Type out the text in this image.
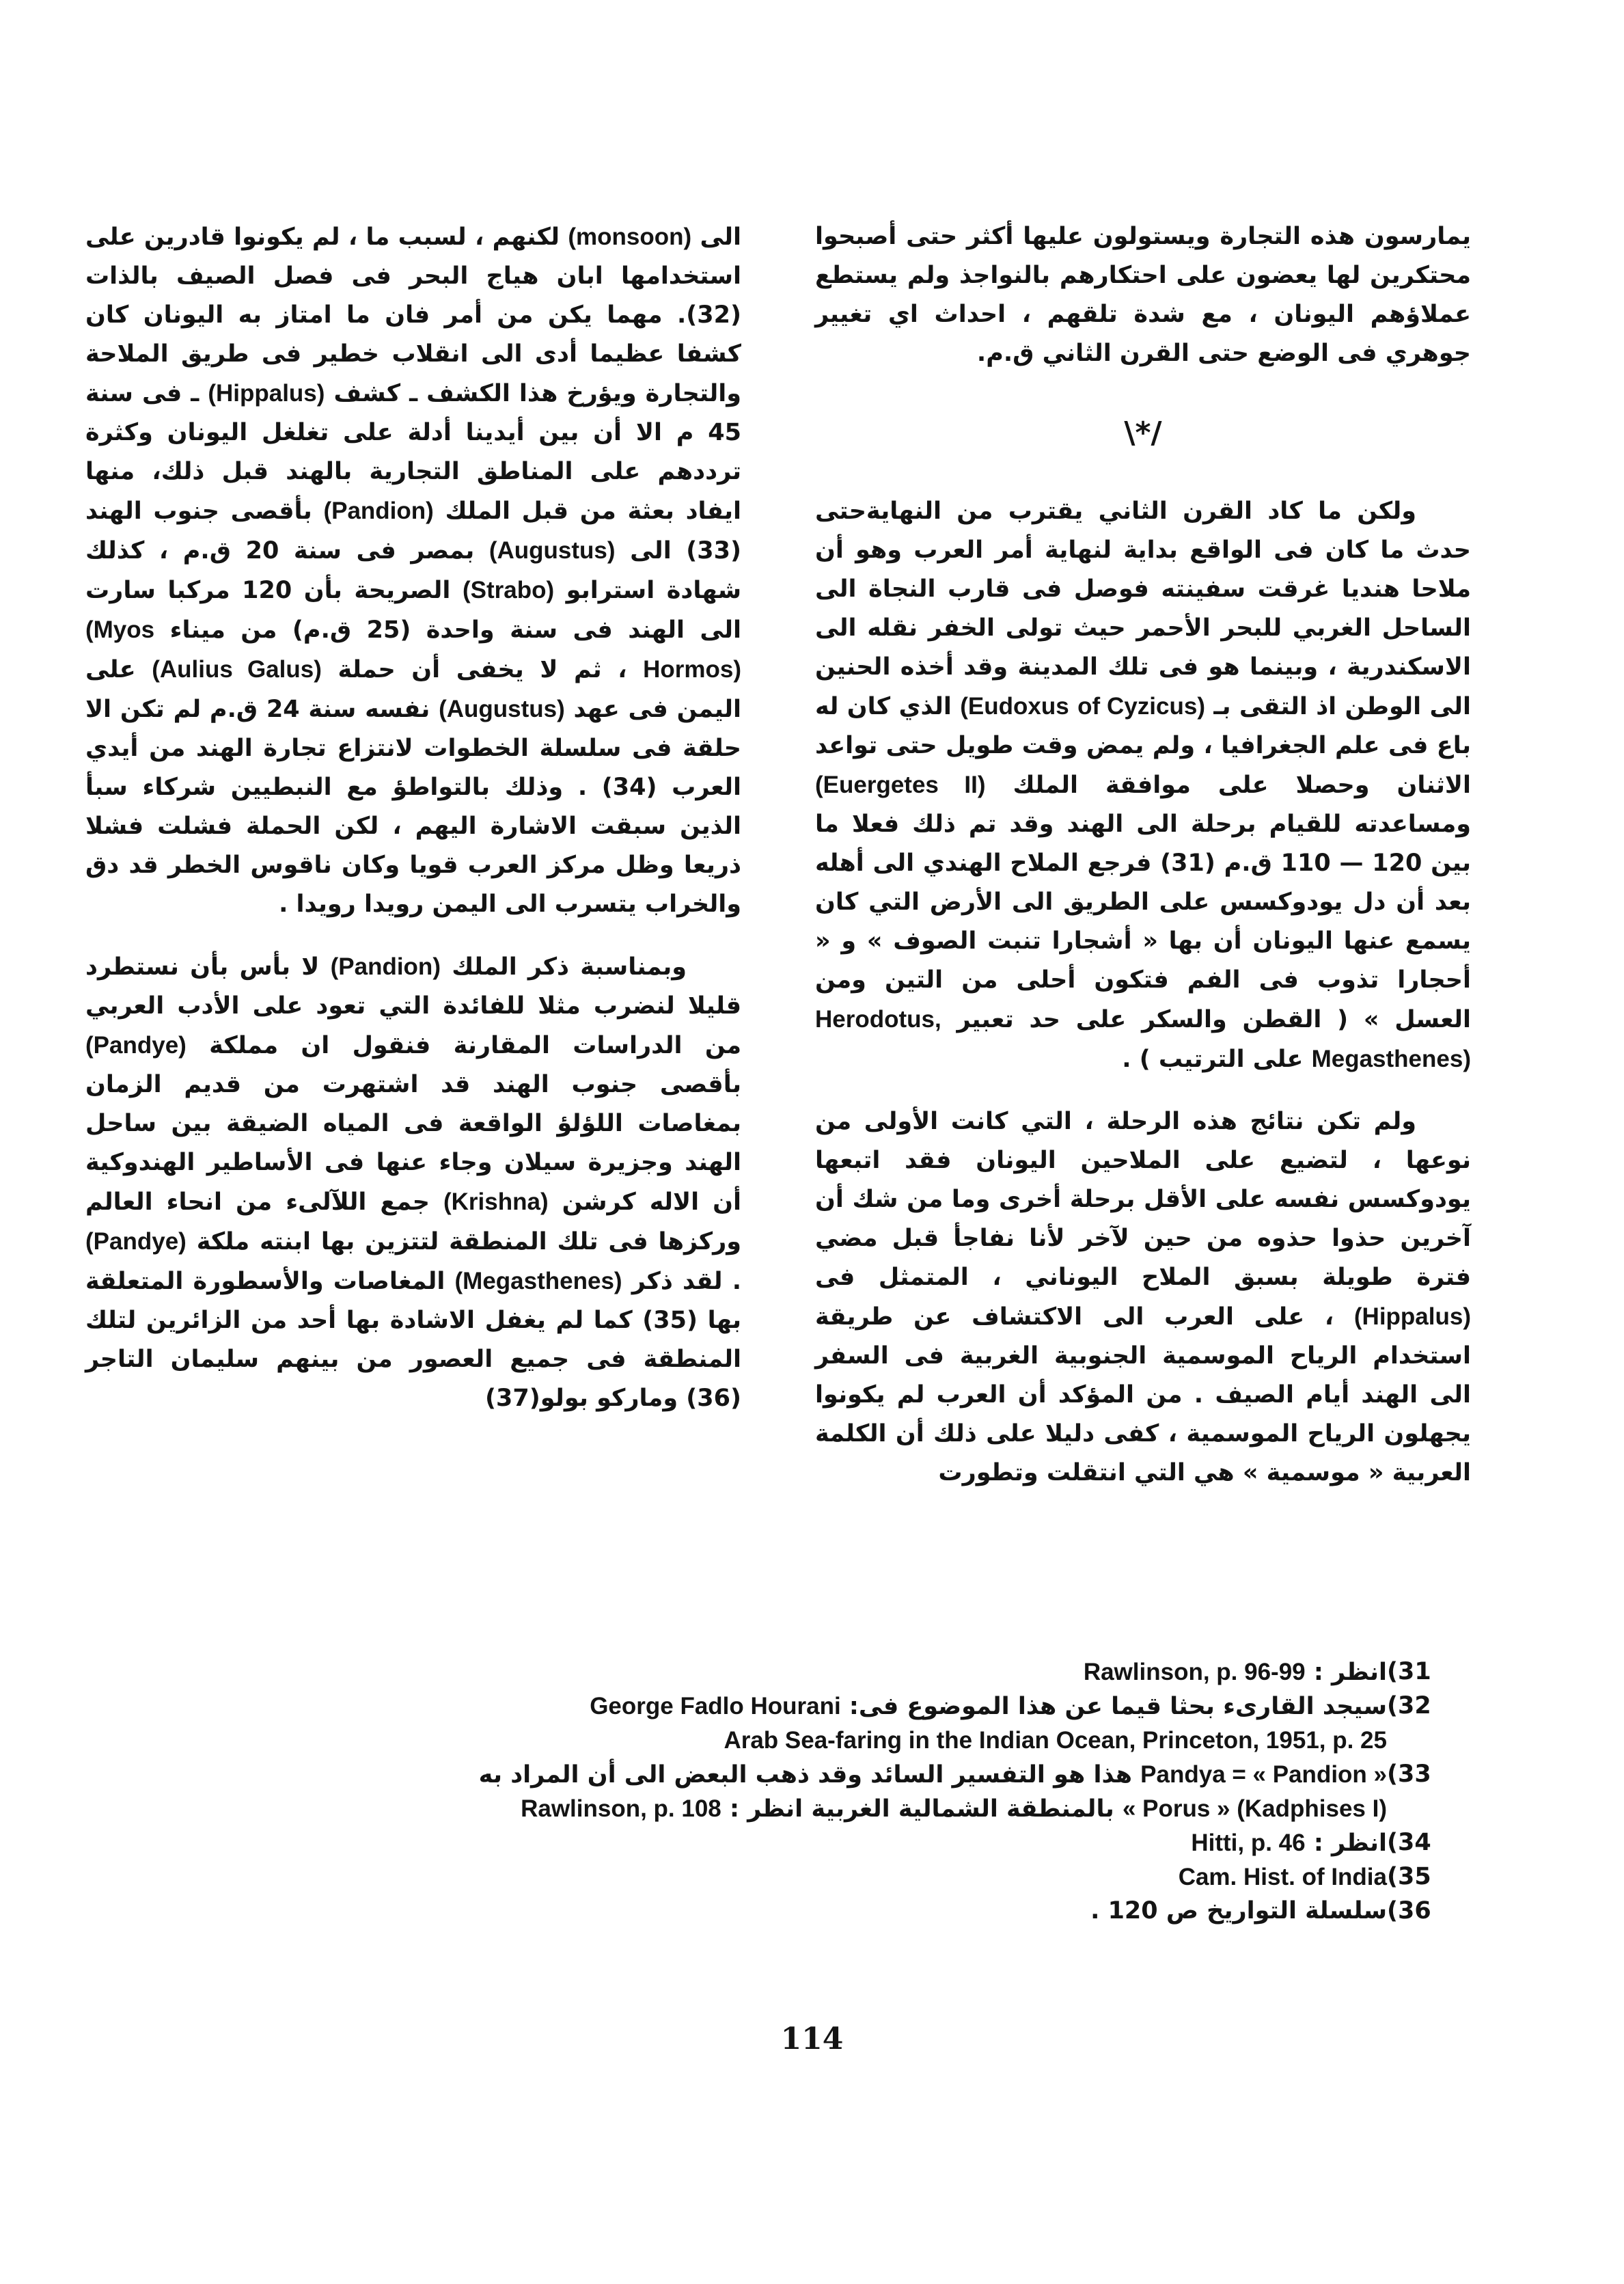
يمارسون هذه التجارة ويستولون عليها أكثر حتى أصبحوا محتكرين لها يعضون على احتكارهم بالنواجذ ولم يستطع عملاؤهم اليونان ، مع شدة تلقهم ، احداث اي تغيير جوهري فى الوضع حتى القرن الثاني ق.م.

\*/

ولكن ما كاد القرن الثاني يقترب من النهايةحتى حدث ما كان فى الواقع بداية لنهاية أمر العرب وهو أن ملاحا هنديا غرقت سفينته فوصل فى قارب النجاة الى الساحل الغربي للبحر الأحمر حيث تولى الخفر نقله الى الاسكندرية ، وبينما هو فى تلك المدينة وقد أخذه الحنين الى الوطن اذ التقى بـ (Eudoxus of Cyzicus) الذي كان له باع فى علم الجغرافيا ، ولم يمض وقت طويل حتى تواعد الاثنان وحصلا على موافقة الملك (Euergetes II) ومساعدته للقيام برحلة الى الهند وقد تم ذلك فعلا ما بين 120 — 110 ق.م (31) فرجع الملاح الهندي الى أهله بعد أن دل يودوكسس على الطريق الى الأرض التي كان يسمع عنها اليونان أن بها « أشجارا تنبت الصوف » و « أحجارا تذوب فى الفم فتكون أحلى من التين ومن العسل » ( القطن والسكر على حد تعبير Herodotus, Megasthenes) على الترتيب ) .

ولم تكن نتائج هذه الرحلة ، التي كانت الأولى من نوعها ، لتضيع على الملاحين اليونان فقد اتبعها يودوكسس نفسه على الأقل برحلة أخرى وما من شك أن آخرين حذوا حذوه من حين لآخر لأنا نفاجأ قبل مضي فترة طويلة بسبق الملاح اليوناني ، المتمثل فى (Hippalus) ، على العرب الى الاكتشاف عن طريقة استخدام الرياح الموسمية الجنوبية الغربية فى السفر الى الهند أيام الصيف . من المؤكد أن العرب لم يكونوا يجهلون الرياح الموسمية ، كفى دليلا على ذلك أن الكلمة العربية « موسمية » هي التي انتقلت وتطورت

الى (monsoon) لكنهم ، لسبب ما ، لم يكونوا قادرين على استخدامها ابان هياج البحر فى فصل الصيف بالذات (32). مهما يكن من أمر فان ما امتاز به اليونان كان كشفا عظيما أدى الى انقلاب خطير فى طريق الملاحة والتجارة ويؤرخ هذا الكشف ـ كشف (Hippalus) ـ فى سنة 45 م الا أن بين أيدينا أدلة على تغلغل اليونان وكثرة ترددهم على المناطق التجارية بالهند قبل ذلك، منها ايفاد بعثة من قبل الملك (Pandion) بأقصى جنوب الهند (33) الى (Augustus) بمصر فى سنة 20 ق.م ، كذلك شهادة استرابو (Strabo) الصريحة بأن 120 مركبا سارت الى الهند فى سنة واحدة (25 ق.م) من ميناء (Myos Hormos) ، ثم لا يخفى أن حملة (Aulius Galus) على اليمن فى عهد (Augustus) نفسه سنة 24 ق.م لم تكن الا حلقة فى سلسلة الخطوات لانتزاع تجارة الهند من أيدي العرب (34) . وذلك بالتواطؤ مع النبطيين شركاء سبأ الذين سبقت الاشارة اليهم ، لكن الحملة فشلت فشلا ذريعا وظل مركز العرب قويا وكان ناقوس الخطر قد دق والخراب يتسرب الى اليمن رويدا رويدا .

وبمناسبة ذكر الملك (Pandion) لا بأس بأن نستطرد قليلا لنضرب مثلا للفائدة التي تعود على الأدب العربي من الدراسات المقارنة فنقول ان مملكة (Pandye) بأقصى جنوب الهند قد اشتهرت من قديم الزمان بمغاصات اللؤلؤ الواقعة فى المياه الضيقة بين ساحل الهند وجزيرة سيلان وجاء عنها فى الأساطير الهندوكية أن الاله كرشن (Krishna) جمع اللآلىء من انحاء العالم وركزها فى تلك المنطقة لتتزين بها ابنته ملكة (Pandye) . لقد ذكر (Megasthenes) المغاصات والأسطورة المتعلقة بها (35) كما لم يغفل الاشادة بها أحد من الزائرين لتلك المنطقة فى جميع العصور من بينهم سليمان التاجر (36) وماركو بولو(37)

(31
انظر : Rawlinson, p. 96-99
(32
سيجد القارىء بحثا قيما عن هذا الموضوع فى: George Fadlo Hourani
Arab Sea-faring in the Indian Ocean, Princeton, 1951, p. 25
(33
Pandya = « Pandion » هذا هو التفسير السائد وقد ذهب البعض الى أن المراد به
« Porus » (Kadphises I) بالمنطقة الشمالية الغربية انظر : Rawlinson, p. 108
(34
انظر : Hitti, p. 46
(35
Cam. Hist. of India
(36
سلسلة التواريخ ص 120 .
114
